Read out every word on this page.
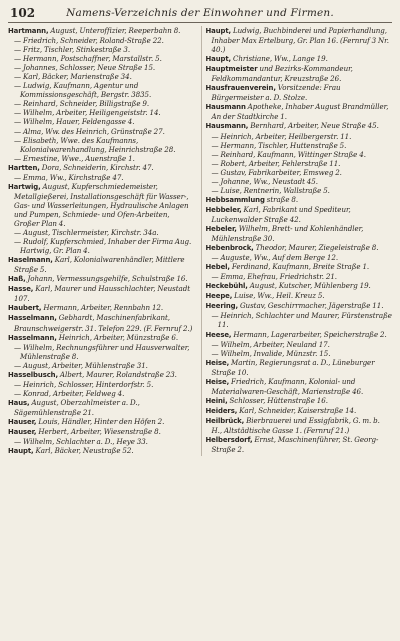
102	Namens-Verzeichnis der Einwohner und Firmen.
Hartmann, August, Unteroffizier, Reeperbahn 8.
— Friedrich, Schneider, Roland-Straße 22.
— Fritz, Tischler, Stinkestraße 3.
— Hermann, Postschaffner, Marstallstr. 5.
— Johannes, Schlosser, Neue Straße 15.
— Karl, Bäcker, Marienstraße 34.
— Ludwig, Kaufmann, Agentur und Kommissionsgeschäft, Bergstr. 3835.
— Reinhard, Schneider, Billigstraße 9.
— Wilhelm, Arbeiter, Heiligengeiststr. 14.
— Wilhelm, Hauer, Feldengasse 4.
— Alma, Ww. des Heinrich, Grünstraße 27.
— Elisabeth, Wwe. des Kaufmanns, Kolonialwarenhandlung, Heinrichstraße 28.
— Ernestine, Wwe., Auenstraße 1.
Hartten, Dora, Schneiderin, Kirchstr. 47.
— Emma, Ww., Kirchstraße 47.
Hartwig, August, Kupferschmiedemeister, Metallgießerei, Installationsgeschäft für Wasser-, Gas- und Wasserleitungen, Hydraulische Anlagen und Pumpen, Schmiede- und Ofen-Arbeiten, Großer Plan 4.
— August, Tischlermeister, Kirchstr. 34a.
— Rudolf, Kupferschmied, Inhaber der Firma Aug. Hartwig, Gr. Plan 4.
Haselmann, Karl, Kolonialwarenhändler, Mittlere Straße 5.
Haß, Johann, Vermessungsgehilfe, Schulstraße 16.
Hasse, Karl, Maurer und Hausschlachter, Neustadt 107.
Haubert, Hermann, Arbeiter, Rennbahn 12.
Hasselmann, Gebhardt, Maschinenfabrikant, Braunschweigerstr. 31. Telefon 229. (F. Fernruf 2.)
Hasselmann, Heinrich, Arbeiter, Münzstraße 6.
— Wilhelm, Rechnungsführer und Hausverwalter, Mühlenstraße 8.
— August, Arbeiter, Mühlenstraße 31.
Hasselbusch, Albert, Maurer, Rolandstraße 23.
— Heinrich, Schlosser, Hinterdorfstr. 5.
— Konrad, Arbeiter, Feldweg 4.
Haus, August, Oberzahlmeister a. D., Sägemühlenstraße 21.
Hauser, Louis, Händler, Hinter den Höfen 2.
Hauser, Herbert, Arbeiter, Wiesenstraße 8.
— Wilhelm, Schlachter a. D., Heye 33.
Haupt, Karl, Bäcker, Neustraße 52.
Haupt, Ludwig, Buchbinderei und Papierhandlung, Inhaber Max Ertelburg, Gr. Plan 16. (Fernruf 3 Nr. 40.)
Haupt, Christiane, Ww., Lange 19.
Hauptmeister und Bezirks-Kommandeur, Feldkommandantur, Kreuzstraße 26.
Hausfrauenverein, Vorsitzende: Frau Bürgermeister a. D. Stolze.
Hausmann Apotheke, Inhaber August Brandmüller, An der Stadtkirche 1.
Hausmann, Bernhard, Arbeiter, Neue Straße 45.
— Heinrich, Arbeiter, Heilbergerstr. 11.
— Hermann, Tischler, Huttenstraße 5.
— Reinhard, Kaufmann, Wittinger Straße 4.
— Robert, Arbeiter, Fehlerstraße 11.
— Gustav, Fabrikarbeiter, Emsweg 2.
— Johanne, Ww., Neustadt 45.
— Luise, Rentnerin, Wallstraße 5.
Hebbsammlung straße 8.
Hebbeler, Karl, Fabrikant und Spediteur, Luckenwalder Straße 42.
Hebeler, Wilhelm, Brett- und Kohlenhändler, Mühlenstraße 30.
Hebenbrock, Theodor, Maurer, Ziegeleistraße 8.
— Auguste, Ww., Auf dem Berge 12.
Hebel, Ferdinand, Kaufmann, Breite Straße 1.
— Emma, Ehefrau, Friedrichstr. 21.
Heckebühl, August, Kutscher, Mühlenberg 19.
Heepe, Luise, Ww., Heil. Kreuz 5.
Heering, Gustav, Geschirrmacher, Jägerstraße 11.
— Heinrich, Schlachter und Maurer, Fürstenstraße 11.
Heese, Hermann, Lagerarbeiter, Speicherstraße 2.
— Wilhelm, Arbeiter, Neuland 17.
— Wilhelm, Invalide, Münzstr. 15.
Heise, Martin, Regierungsrat a. D., Lüneburger Straße 10.
Heise, Friedrich, Kaufmann, Kolonial- und Materialwaren-Geschäft, Marienstraße 46.
Heini, Schlosser, Hüttenstraße 16.
Heiders, Karl, Schneider, Kaiserstraße 14.
Heilbrück, Bierbrauerei und Essigfabrik, G. m. b. H., Altstädtische Gasse 1. (Fernruf 21.)
Helbersdorf, Ernst, Maschinenführer, St. Georg-Straße 2.
